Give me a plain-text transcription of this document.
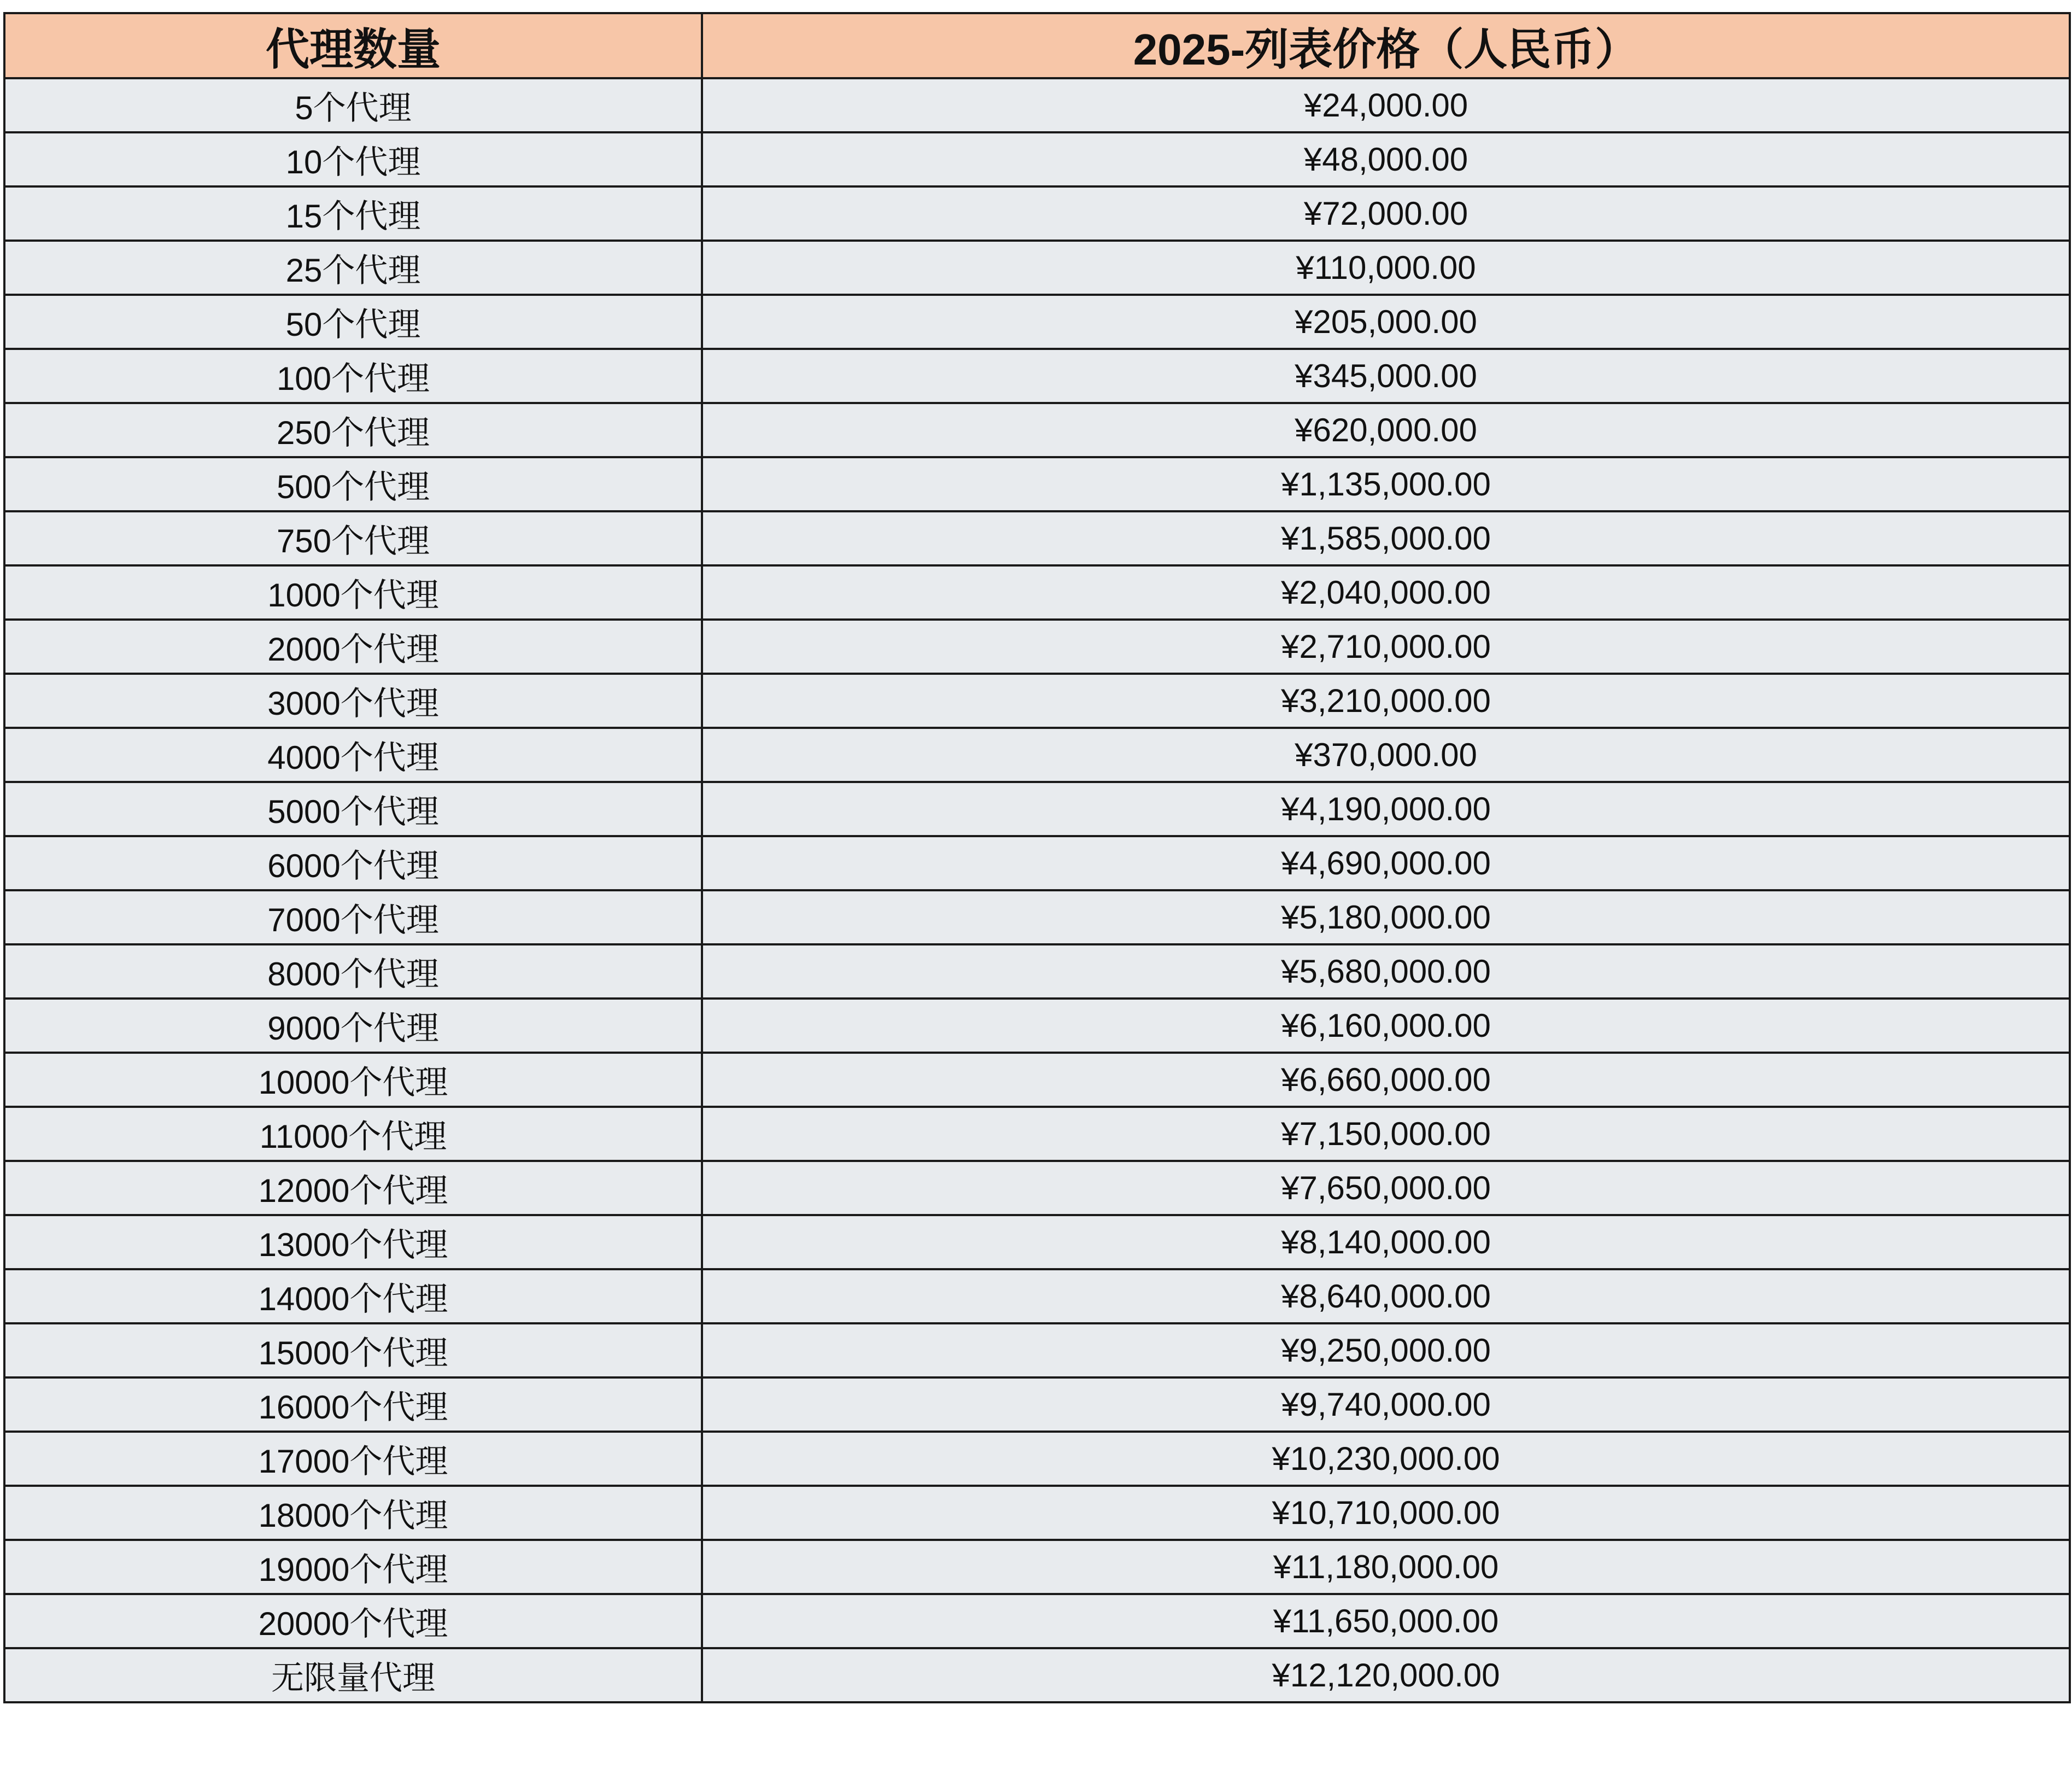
代理数量	2025-列表价格（人民币）
5个代理	¥24,000.00
10个代理	¥48,000.00
15个代理	¥72,000.00
25个代理	¥110,000.00
50个代理	¥205,000.00
100个代理	¥345,000.00
250个代理	¥620,000.00
500个代理	¥1,135,000.00
750个代理	¥1,585,000.00
1000个代理	¥2,040,000.00
2000个代理	¥2,710,000.00
3000个代理	¥3,210,000.00
4000个代理	¥370,000.00
5000个代理	¥4,190,000.00
6000个代理	¥4,690,000.00
7000个代理	¥5,180,000.00
8000个代理	¥5,680,000.00
9000个代理	¥6,160,000.00
10000个代理	¥6,660,000.00
11000个代理	¥7,150,000.00
12000个代理	¥7,650,000.00
13000个代理	¥8,140,000.00
14000个代理	¥8,640,000.00
15000个代理	¥9,250,000.00
16000个代理	¥9,740,000.00
17000个代理	¥10,230,000.00
18000个代理	¥10,710,000.00
19000个代理	¥11,180,000.00
20000个代理	¥11,650,000.00
无限量代理	¥12,120,000.00
